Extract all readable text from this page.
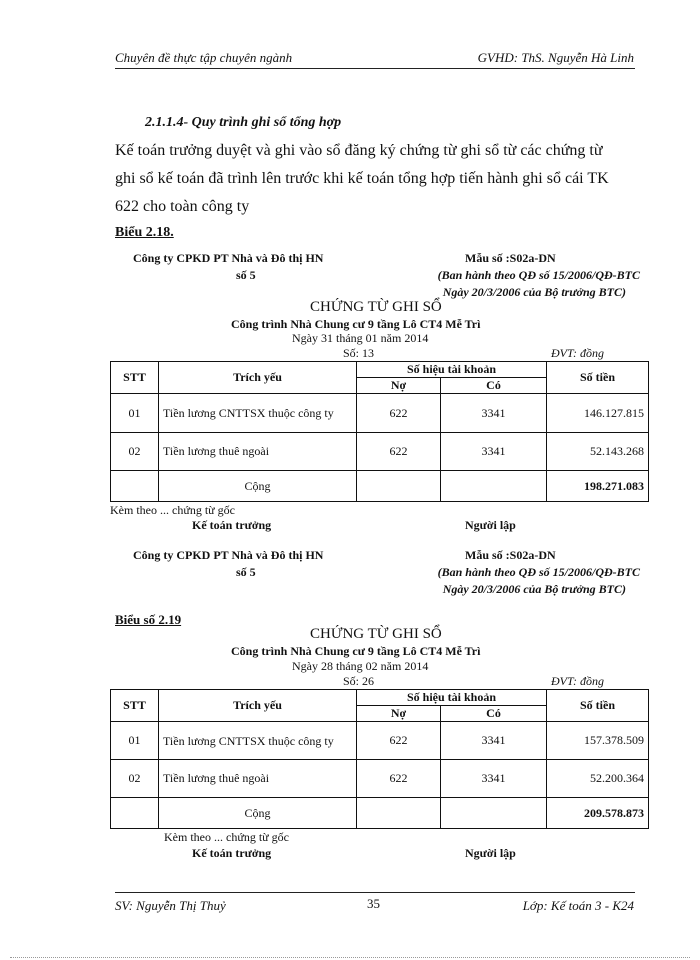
Chuyên đề thực tập chuyên ngành	GVHD: ThS. Nguyễn Hà Linh
2.1.1.4- Quy trình ghi sổ tổng hợp
Kế toán trưởng duyệt và ghi vào sổ đăng ký chứng từ ghi sổ từ các chứng từ
ghi sổ kế toán đã trình lên trước khi kế toán tổng hợp tiến hành ghi sổ cái TK
622 cho toàn công ty
Biểu 2.18.
Công ty CPKD PT Nhà và Đô thị HN
số 5
Mẫu số :S02a-DN
(Ban hành theo QĐ số 15/2006/QĐ-BTC
Ngày 20/3/2006 của Bộ trưởng BTC)
CHỨNG TỪ GHI SỔ
Công trình Nhà Chung cư 9 tầng Lô CT4 Mễ Trì
Ngày 31 tháng 01 năm 2014
Số: 13	ĐVT: đồng
STT	Trích yếu	Số hiệu tài khoản		Số tiền
		Nợ	Có	
01	Tiền lương CNTTSX thuộc công ty	622	3341	146.127.815
02	Tiền lương thuê ngoài	622	3341	52.143.268
	Cộng			198.271.083
Kèm theo ... chứng từ gốc
Kế toán trưởng	Người lập
Công ty CPKD PT Nhà và Đô thị HN
số 5
Mẫu số :S02a-DN
(Ban hành theo QĐ số 15/2006/QĐ-BTC
Ngày 20/3/2006 của Bộ trưởng BTC)
Biểu số 2.19
CHỨNG TỪ GHI SỔ
Công trình Nhà Chung cư 9 tầng Lô CT4 Mễ Trì
Ngày 28 tháng 02 năm 2014
Số: 26	ĐVT: đồng
STT	Trích yếu	Số hiệu tài khoản		Số tiền
		Nợ	Có	
01	Tiền lương CNTTSX thuộc công ty	622	3341	157.378.509
02	Tiền lương thuê ngoài	622	3341	52.200.364
	Cộng			209.578.873
Kèm theo ... chứng từ gốc
Kế toán trưởng	Người lập
SV: Nguyễn Thị Thuỷ	35	Lớp: Kế toán 3 - K24
